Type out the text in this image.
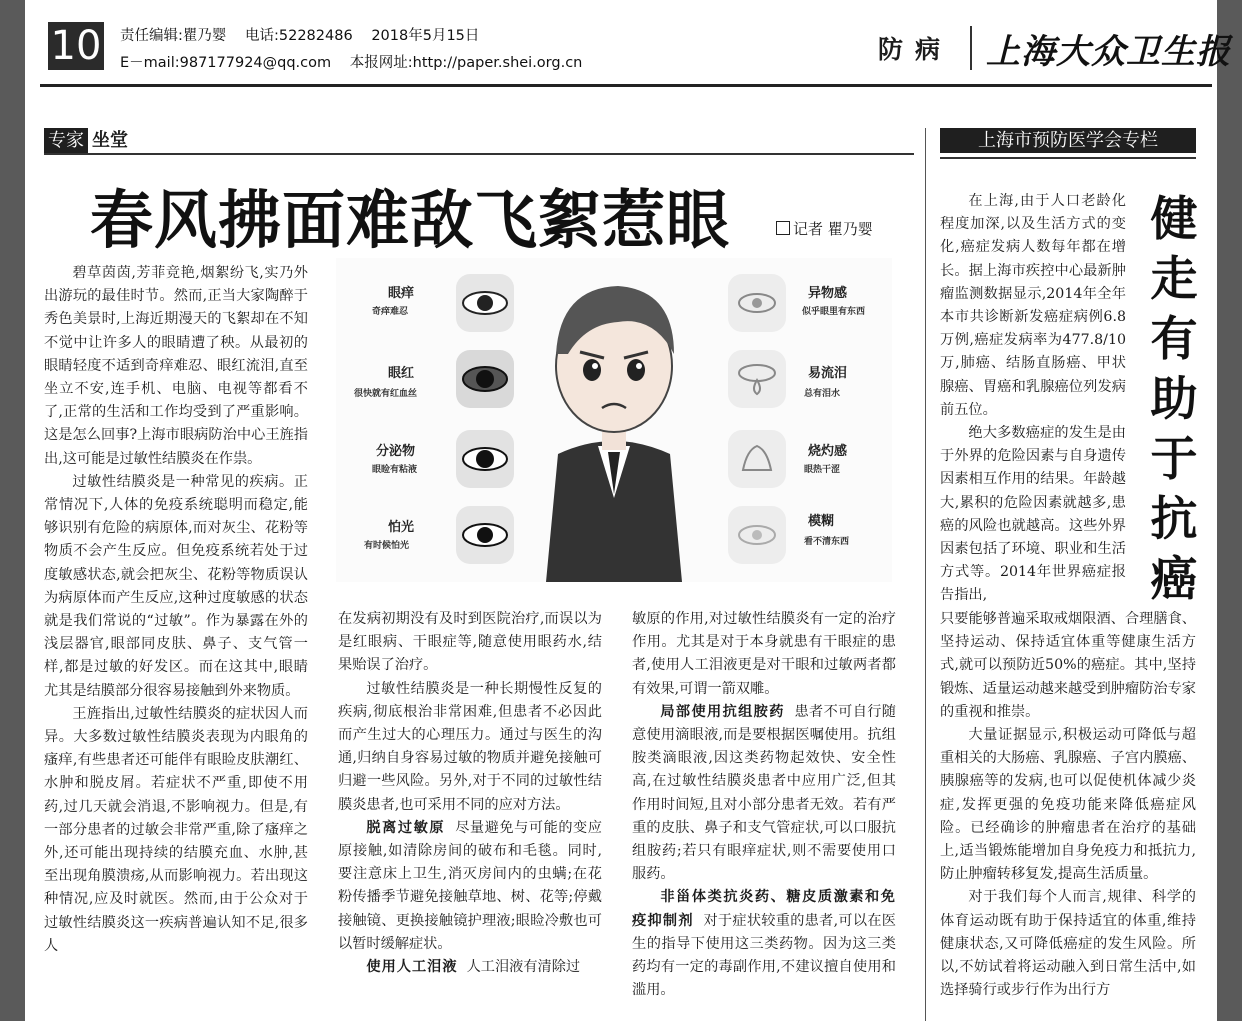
10 责任编辑:瞿乃婴 电话:52282486 2018年5月15日
E－mail:987177924@qq.com 本报网址:http://paper.shei.org.cn	防病 上海大众卫生报
专家 坐堂
春风拂面难敌飞絮惹眼	记者 瞿乃婴

碧草茵茵,芳菲竞艳,烟絮纷飞,实乃外出游玩的最佳时节。然而,正当大家陶醉于秀色美景时,上海近期漫天的飞絮却在不知不觉中让许多人的眼睛遭了秧。从最初的眼睛轻度不适到奇痒难忍、眼红流泪,直至坐立不安,连手机、电脑、电视等都看不了,正常的生活和工作均受到了严重影响。这是怎么回事?上海市眼病防治中心王旌指出,这可能是过敏性结膜炎在作祟。

过敏性结膜炎是一种常见的疾病。正常情况下,人体的免疫系统聪明而稳定,能够识别有危险的病原体,而对灰尘、花粉等物质不会产生反应。但免疫系统若处于过度敏感状态,就会把灰尘、花粉等物质误认为病原体而产生反应,这种过度敏感的状态就是我们常说的“过敏”。作为暴露在外的浅层器官,眼部同皮肤、鼻子、支气管一样,都是过敏的好发区。而在这其中,眼睛尤其是结膜部分很容易接触到外来物质。

王旌指出,过敏性结膜炎的症状因人而异。大多数过敏性结膜炎表现为内眼角的瘙痒,有些患者还可能伴有眼睑皮肤潮红、水肿和脱皮屑。若症状不严重,即使不用药,过几天就会消退,不影响视力。但是,有一部分患者的过敏会非常严重,除了瘙痒之外,还可能出现持续的结膜充血、水肿,甚至出现角膜溃疡,从而影响视力。若出现这种情况,应及时就医。然而,由于公众对于过敏性结膜炎这一疾病普遍认知不足,很多人

眼痒
奇痒难忍
眼红
很快就有红血丝
分泌物
眼睑有粘液
怕光
有时候怕光
异物感
似乎眼里有东西
易流泪
总有泪水
烧灼感
眼热干涩
模糊
看不清东西

在发病初期没有及时到医院治疗,而误以为是红眼病、干眼症等,随意使用眼药水,结果贻误了治疗。

过敏性结膜炎是一种长期慢性反复的疾病,彻底根治非常困难,但患者不必因此而产生过大的心理压力。通过与医生的沟通,归纳自身容易过敏的物质并避免接触可归避一些风险。另外,对于不同的过敏性结膜炎患者,也可采用不同的应对方法。

脱离过敏原 尽量避免与可能的变应原接触,如清除房间的破布和毛毯。同时,要注意床上卫生,消灭房间内的虫螨;在花粉传播季节避免接触草地、树、花等;停戴接触镜、更换接触镜护理液;眼睑冷敷也可以暂时缓解症状。

使用人工泪液 人工泪液有清除过

敏原的作用,对过敏性结膜炎有一定的治疗作用。尤其是对于本身就患有干眼症的患者,使用人工泪液更是对干眼和过敏两者都有效果,可谓一箭双雕。

局部使用抗组胺药 患者不可自行随意使用滴眼液,而是要根据医嘱使用。抗组胺类滴眼液,因这类药物起效快、安全性高,在过敏性结膜炎患者中应用广泛,但其作用时间短,且对小部分患者无效。若有严重的皮肤、鼻子和支气管症状,可以口服抗组胺药;若只有眼痒症状,则不需要使用口服药。

非甾体类抗炎药、糖皮质激素和免疫抑制剂 对于症状较重的患者,可以在医生的指导下使用这三类药物。因为这三类药均有一定的毒副作用,不建议擅自使用和滥用。

上海市预防医学会专栏
健
走
有
助
于
抗
癌

在上海,由于人口老龄化程度加深,以及生活方式的变化,癌症发病人数每年都在增长。据上海市疾控中心最新肿瘤监测数据显示,2014年全年本市共诊断新发癌症病例6.8万例,癌症发病率为477.8/10万,肺癌、结肠直肠癌、甲状腺癌、胃癌和乳腺癌位列发病前五位。

绝大多数癌症的发生是由于外界的危险因素与自身遗传因素相互作用的结果。年龄越大,累积的危险因素就越多,患癌的风险也就越高。这些外界因素包括了环境、职业和生活方式等。2014年世界癌症报告指出,

只要能够普遍采取戒烟限酒、合理膳食、坚持运动、保持适宜体重等健康生活方式,就可以预防近50%的癌症。其中,坚持锻炼、适量运动越来越受到肿瘤防治专家的重视和推崇。

大量证据显示,积极运动可降低与超重相关的大肠癌、乳腺癌、子宫内膜癌、胰腺癌等的发病,也可以促使机体减少炎症,发挥更强的免疫功能来降低癌症风险。已经确诊的肿瘤患者在治疗的基础上,适当锻炼能增加自身免疫力和抵抗力,防止肿瘤转移复发,提高生活质量。

对于我们每个人而言,规律、科学的体育运动既有助于保持适宜的体重,维持健康状态,又可降低癌症的发生风险。所以,不妨试着将运动融入到日常生活中,如选择骑行或步行作为出行方
